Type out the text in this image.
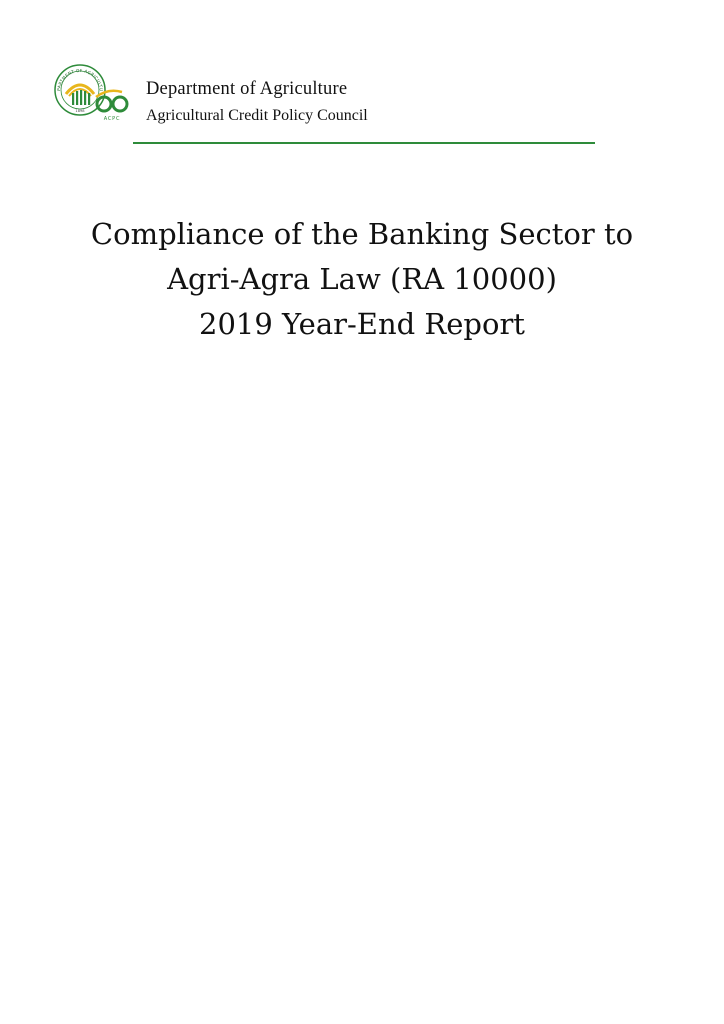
PARTMENT OF AGRICULTU
1898
ACPC
Department of Agriculture
Agricultural Credit Policy Council
Compliance of the Banking Sector to
Agri-Agra Law (RA 10000)
2019 Year-End Report
